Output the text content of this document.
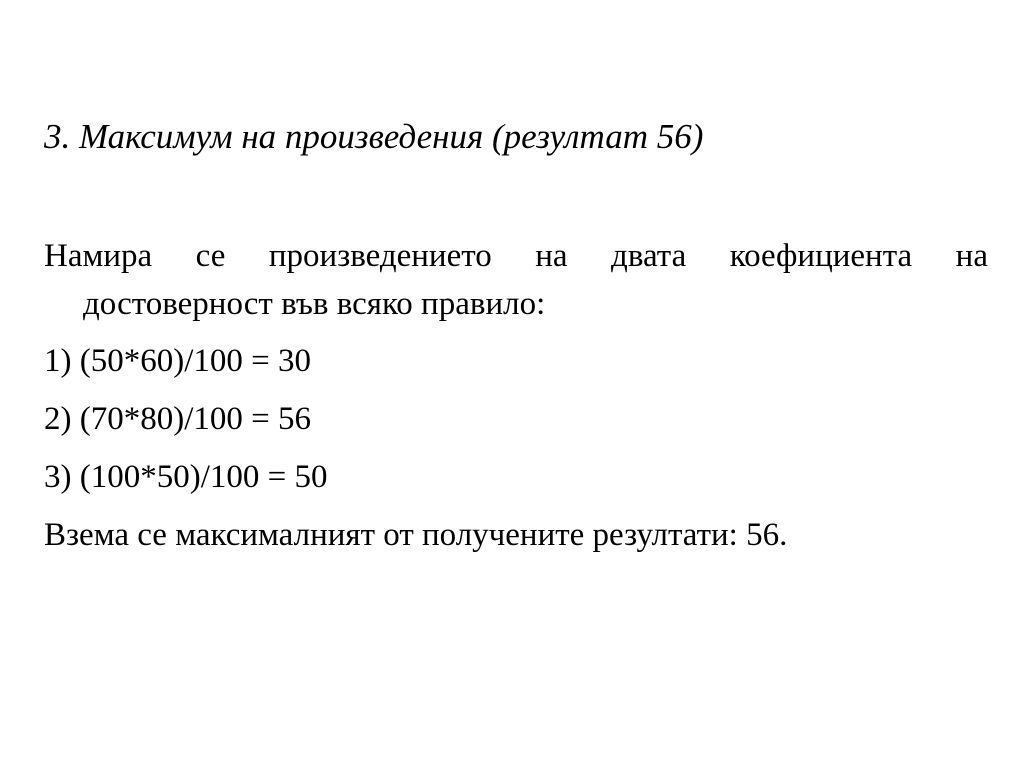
3. Максимум на произведения (резултат 56)
Намира се произведението на двата коефициента на
достоверност във всяко правило:
1) (50*60)/100 = 30
2) (70*80)/100 = 56
3) (100*50)/100 = 50
Взема се максималният от получените резултати: 56.
